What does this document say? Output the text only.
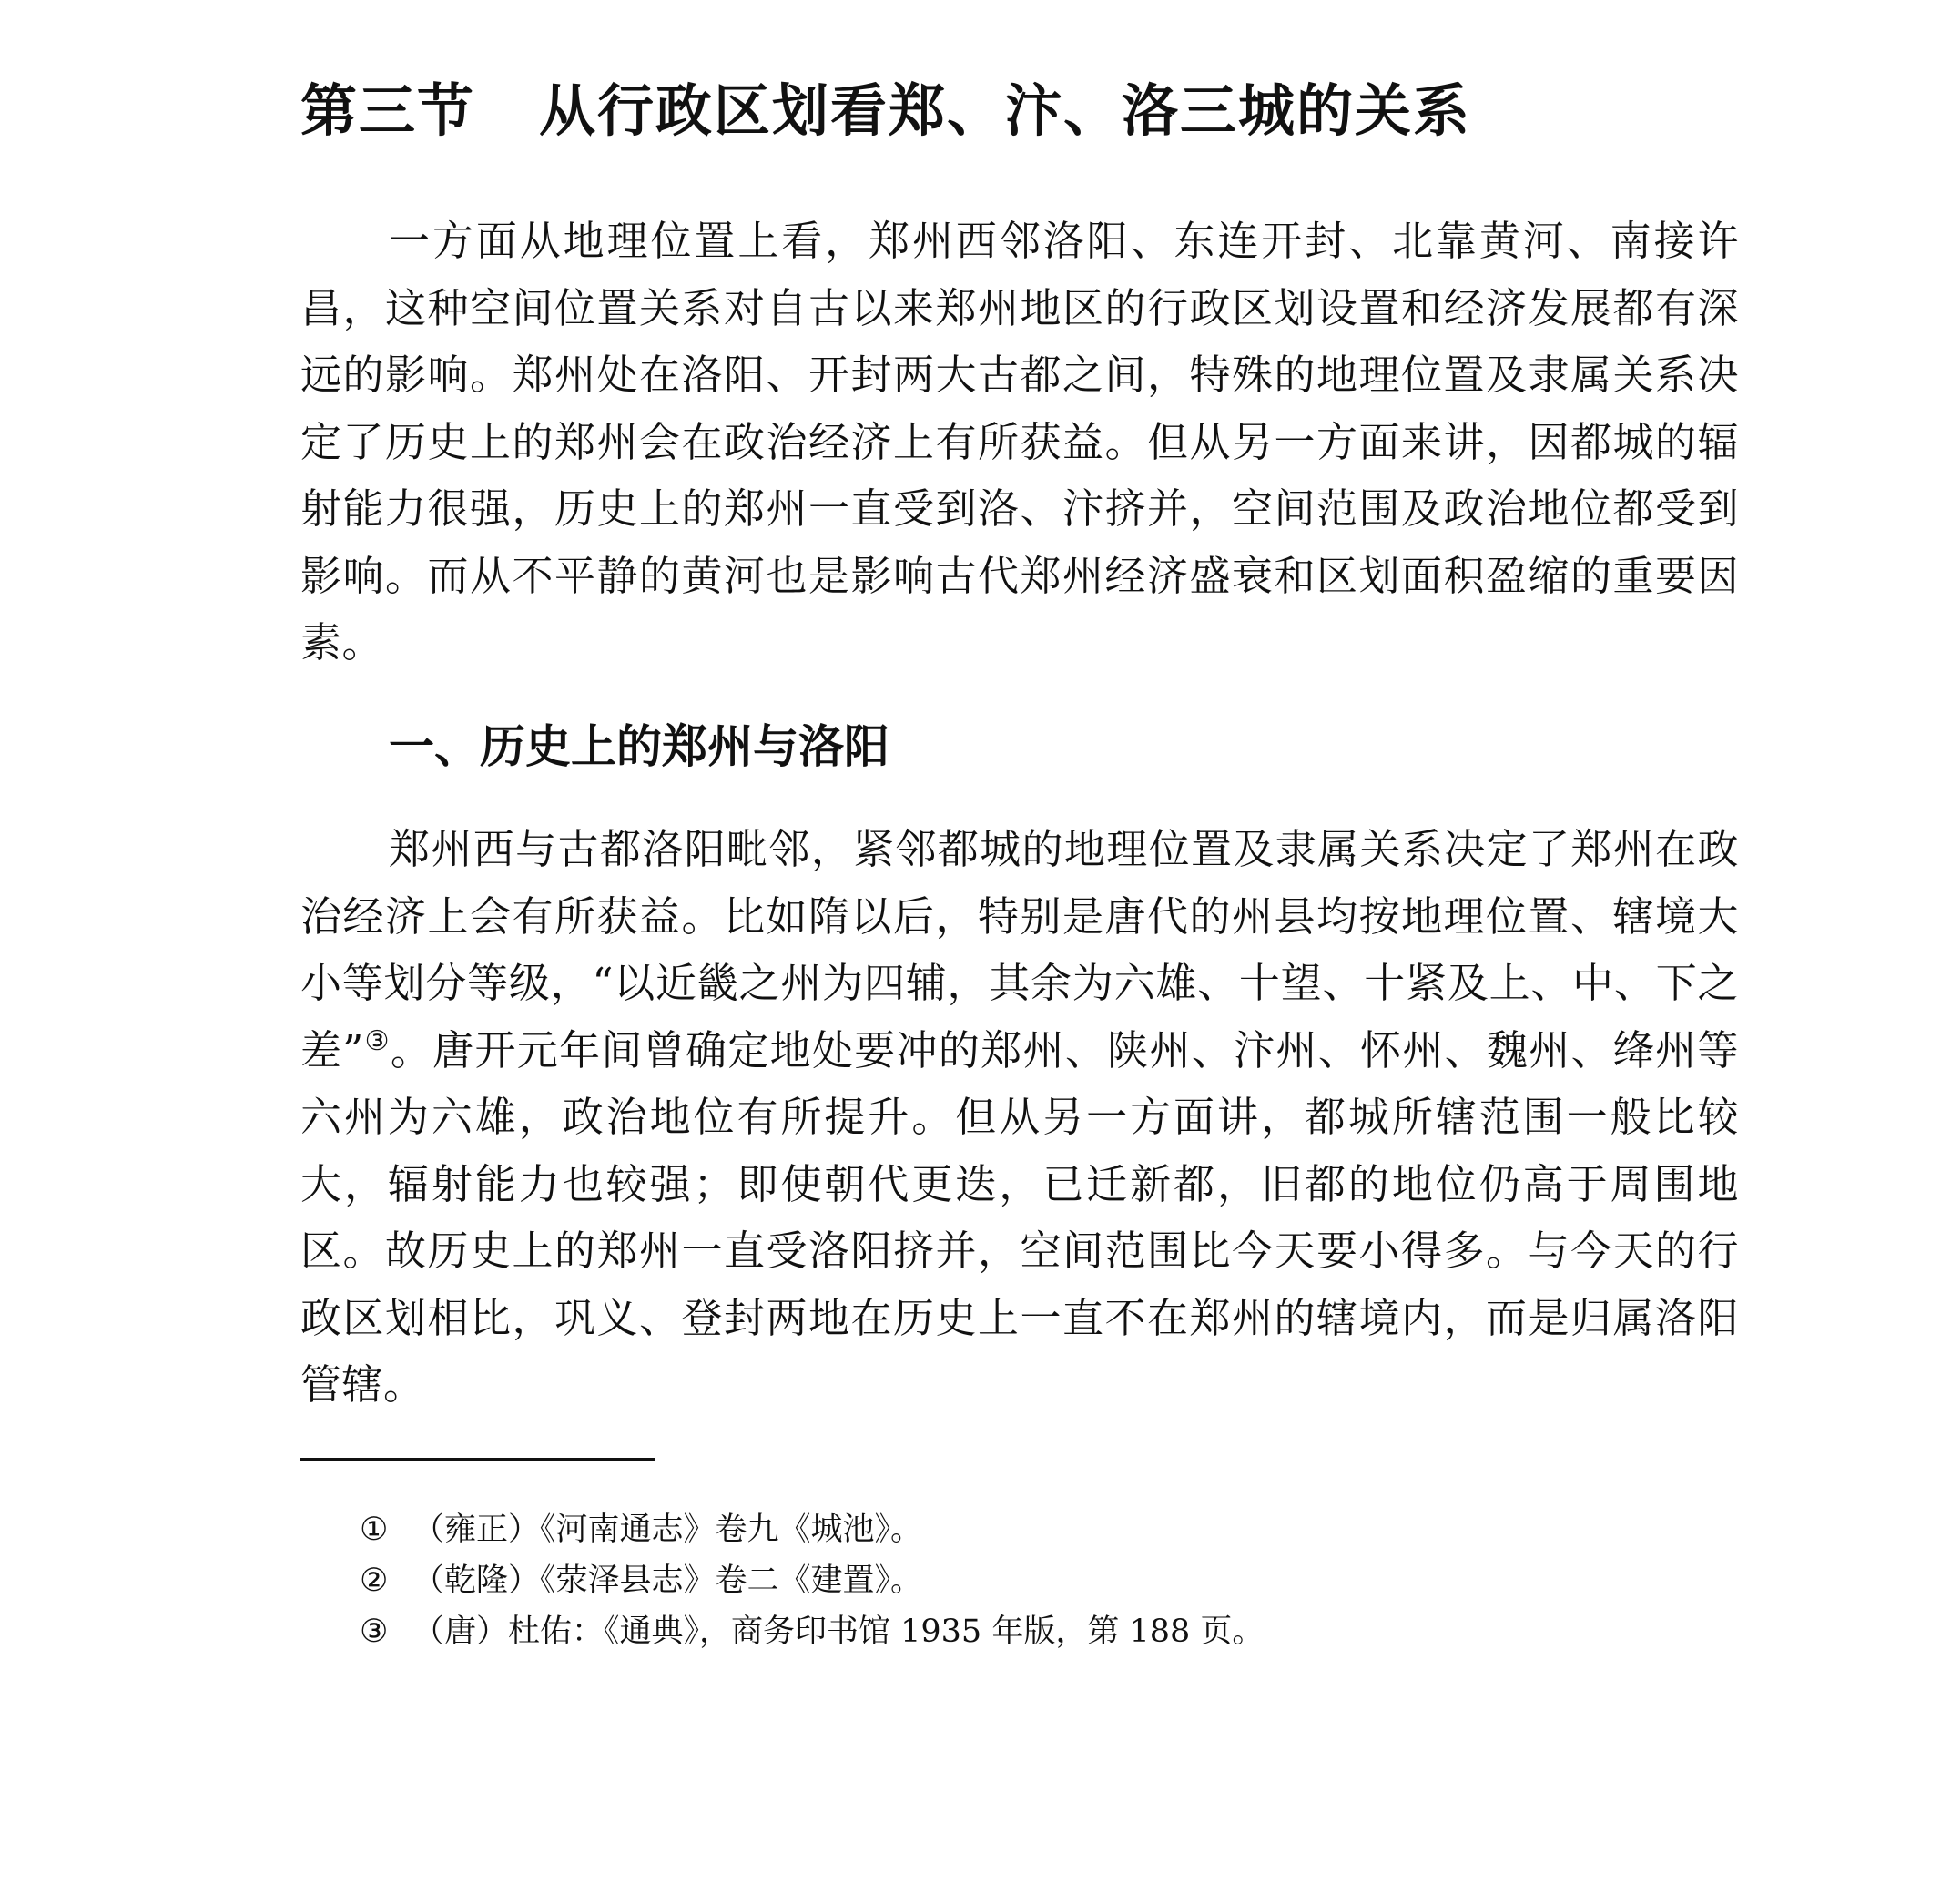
第三节 从行政区划看郑、汴、洛三城的关系

一方面从地理位置上看，郑州西邻洛阳、东连开封、北靠黄河、南接许昌，这种空间位置关系对自古以来郑州地区的行政区划设置和经济发展都有深远的影响。郑州处在洛阳、开封两大古都之间，特殊的地理位置及隶属关系决定了历史上的郑州会在政治经济上有所获益。但从另一方面来讲，因都城的辐射能力很强，历史上的郑州一直受到洛、汴挤并，空间范围及政治地位都受到影响。而从不平静的黄河也是影响古代郑州经济盛衰和区划面积盈缩的重要因素。

一、历史上的郑州与洛阳

郑州西与古都洛阳毗邻，紧邻都城的地理位置及隶属关系决定了郑州在政治经济上会有所获益。比如隋以后，特别是唐代的州县均按地理位置、辖境大小等划分等级，“以近畿之州为四辅，其余为六雄、十望、十紧及上、中、下之差”③。唐开元年间曾确定地处要冲的郑州、陕州、汴州、怀州、魏州、绛州等六州为六雄，政治地位有所提升。但从另一方面讲，都城所辖范围一般比较大，辐射能力也较强；即使朝代更迭，已迁新都，旧都的地位仍高于周围地区。故历史上的郑州一直受洛阳挤并，空间范围比今天要小得多。与今天的行政区划相比，巩义、登封两地在历史上一直不在郑州的辖境内，而是归属洛阳管辖。

① （雍正）《河南通志》卷九《城池》。
② （乾隆）《荥泽县志》卷二《建置》。
③ （唐）杜佑：《通典》，商务印书馆 1935 年版，第 188 页。
